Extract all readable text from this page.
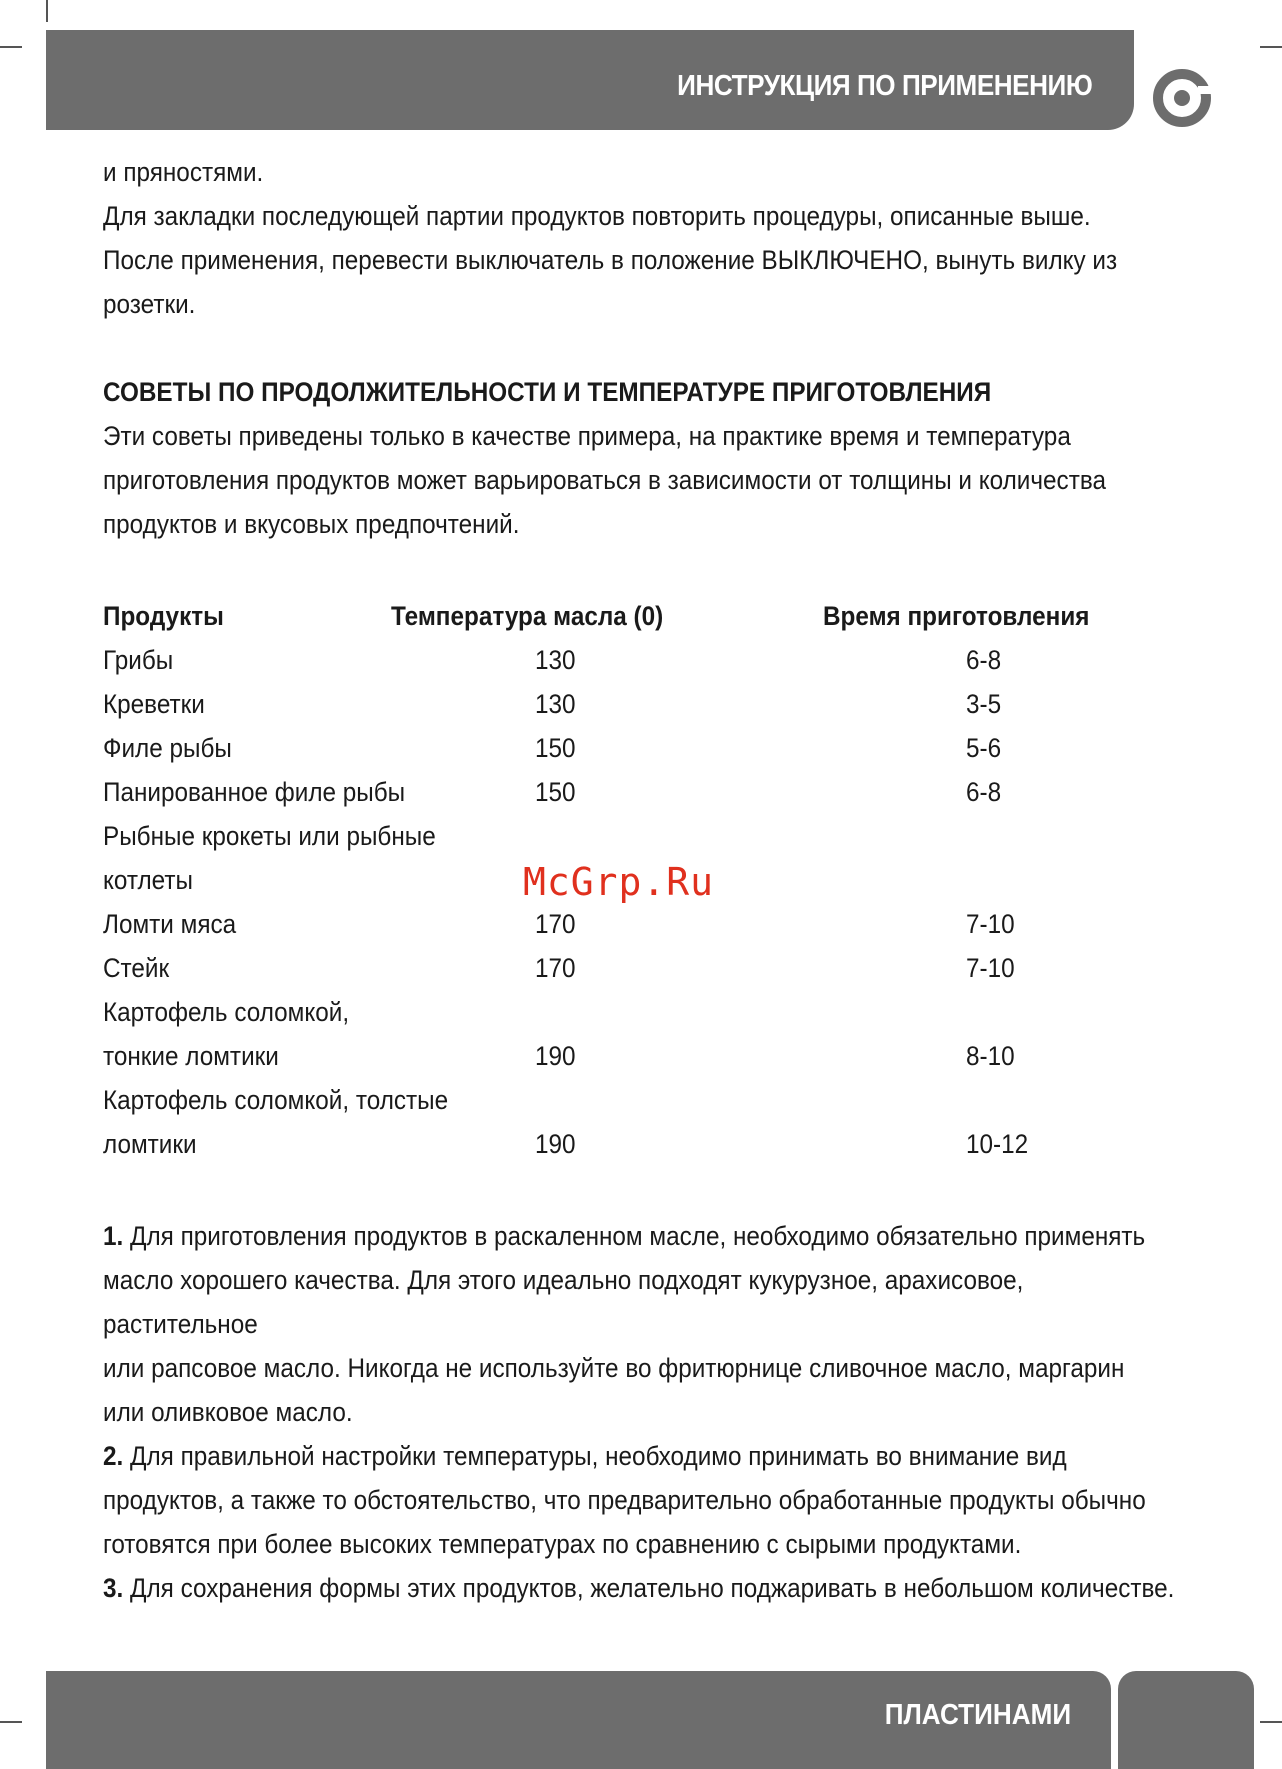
ИНСТРУКЦИЯ ПО ПРИМЕНЕНИЮ

и пряностями.

Для закладки последующей партии продуктов повторить процедуры, описанные выше.

После применения, перевести выключатель в положение ВЫКЛЮЧЕНО, вынуть вилку из

розетки.

СОВЕТЫ ПО ПРОДОЛЖИТЕЛЬНОСТИ И ТЕМПЕРАТУРЕ ПРИГОТОВЛЕНИЯ

Эти советы приведены только в качестве примера, на практике время и температура

приготовления продуктов может варьироваться в зависимости от толщины и количества

продуктов и вкусовых предпочтений.

Продукты	Температура масла (0)	Время приготовления
Грибы	130	6-8
Креветки	130	3-5
Филе рыбы	150	5-6
Панированное филе рыбы	150	6-8
Рыбные крокеты или рыбные
котлеты
Ломти мяса	170	7-10
Стейк	170	7-10
Картофель соломкой,
тонкие ломтики	190	8-10
Картофель соломкой, толстые
ломтики	190	10-12

1. Для приготовления продуктов в раскаленном масле, необходимо обязательно применять

масло хорошего качества. Для этого идеально подходят кукурузное, арахисовое, растительное

или рапсовое масло. Никогда не используйте во фритюрнице сливочное масло, маргарин

или оливковое масло.

2. Для правильной настройки температуры, необходимо принимать во внимание вид

продуктов, а также то обстоятельство, что предварительно обработанные продукты обычно

готовятся при более высоких температурах по сравнению с сырыми продуктами.

3. Для сохранения формы этих продуктов, желательно поджаривать в небольшом количестве.

McGrp.Ru
ПЛАСТИНАМИ
